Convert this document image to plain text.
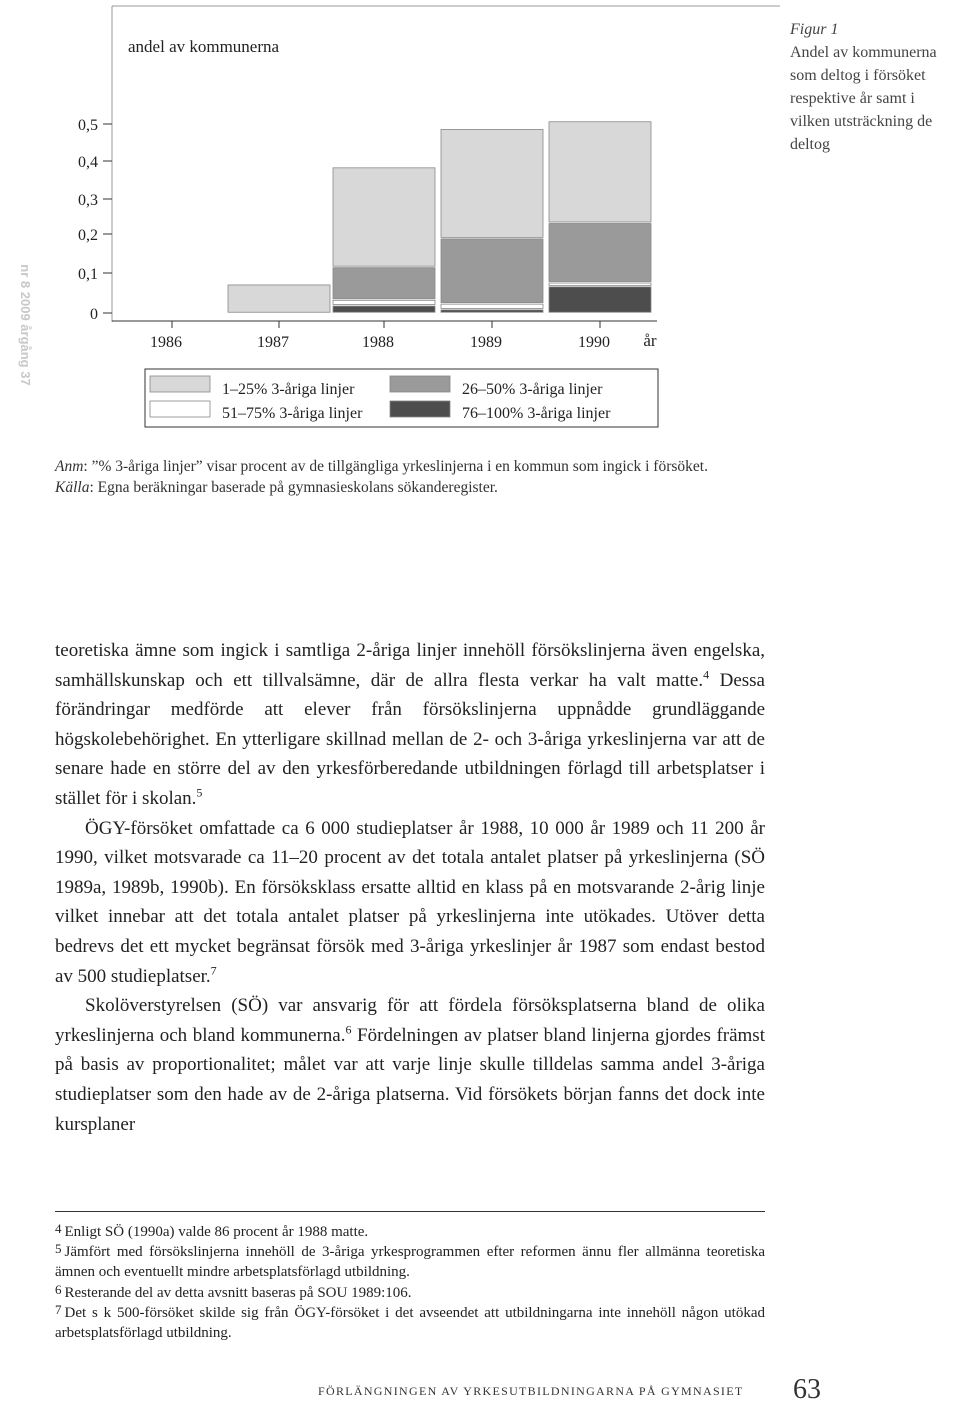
nr 8 2009 årgång 37
Figur 1
Andel av kommunerna som deltog i försöket respektive år samt i vilken utsträckning de deltog
andel av kommunerna
0
0,1
0,2
0,3
0,4
0,5
1986	1987	1988	1989	1990 år
1–25% 3-åriga linjer	26–50% 3-åriga linjer
51–75% 3-åriga linjer	76–100% 3-åriga linjer

Anm: ”% 3-åriga linjer” visar procent av de tillgängliga yrkeslinjerna i en kommun som ingick i försöket.

Källa: Egna beräkningar baserade på gymnasieskolans sökanderegister.

teoretiska ämne som ingick i samtliga 2-åriga linjer innehöll försökslinjerna även engelska, samhällskunskap och ett tillvalsämne, där de allra flesta verkar ha valt matte.$^4$ Dessa förändringar medförde att elever från försökslinjerna uppnådde grundläggande högskolebehörighet. En ytterligare skillnad mellan de 2- och 3-åriga yrkeslinjerna var att de senare hade en större del av den yrkesförberedande utbildningen förlagd till arbetsplatser i stället för i skolan.$^5$

ÖGY-försöket omfattade ca 6 000 studieplatser år 1988, 10 000 år 1989 och 11 200 år 1990, vilket motsvarade ca 11–20 procent av det totala antalet platser på yrkeslinjerna (SÖ 1989a, 1989b, 1990b). En försöksklass ersatte alltid en klass på en motsvarande 2-årig linje vilket innebar att det totala antalet platser på yrkeslinjerna inte utökades. Utöver detta bedrevs det ett mycket begränsat försök med 3-åriga yrkeslinjer år 1987 som endast bestod av 500 studieplatser.$^7$

Skolöverstyrelsen (SÖ) var ansvarig för att fördela försöksplatserna bland de olika yrkeslinjerna och bland kommunerna.$^6$ Fördelningen av platser bland linjerna gjordes främst på basis av proportionalitet; målet var att varje linje skulle tilldelas samma andel 3-åriga studieplatser som den hade av de 2-åriga platserna. Vid försökets början fanns det dock inte kursplaner

$^4$ Enligt SÖ (1990a) valde 86 procent år 1988 matte.

$^5$ Jämfört med försökslinjerna innehöll de 3-åriga yrkesprogrammen efter reformen ännu fler allmänna teoretiska ämnen och eventuellt mindre arbetsplatsförlagd utbildning.

$^6$ Resterande del av detta avsnitt baseras på SOU 1989:106.

$^7$ Det s k 500-försöket skilde sig från ÖGY-försöket i det avseendet att utbildningarna inte innehöll någon utökad arbetsplatsförlagd utbildning.

FÖRLÄNGNINGEN AV YRKESUTBILDNINGARNA PÅ GYMNASIET 63
